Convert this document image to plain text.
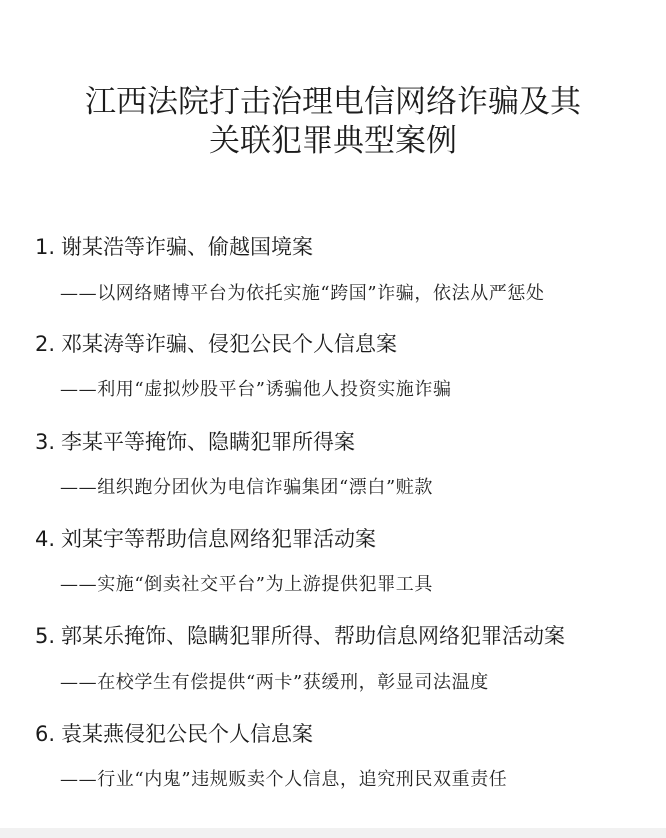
江西法院打击治理电信网络诈骗及其
关联犯罪典型案例
1. 谢某浩等诈骗、偷越国境案
——以网络赌博平台为依托实施“跨国”诈骗，依法从严惩处
2. 邓某涛等诈骗、侵犯公民个人信息案
——利用“虚拟炒股平台”诱骗他人投资实施诈骗
3. 李某平等掩饰、隐瞒犯罪所得案
——组织跑分团伙为电信诈骗集团“漂白”赃款
4. 刘某宇等帮助信息网络犯罪活动案
——实施“倒卖社交平台”为上游提供犯罪工具
5. 郭某乐掩饰、隐瞒犯罪所得、帮助信息网络犯罪活动案
——在校学生有偿提供“两卡”获缓刑，彰显司法温度
6. 袁某燕侵犯公民个人信息案
——行业“内鬼”违规贩卖个人信息，追究刑民双重责任
